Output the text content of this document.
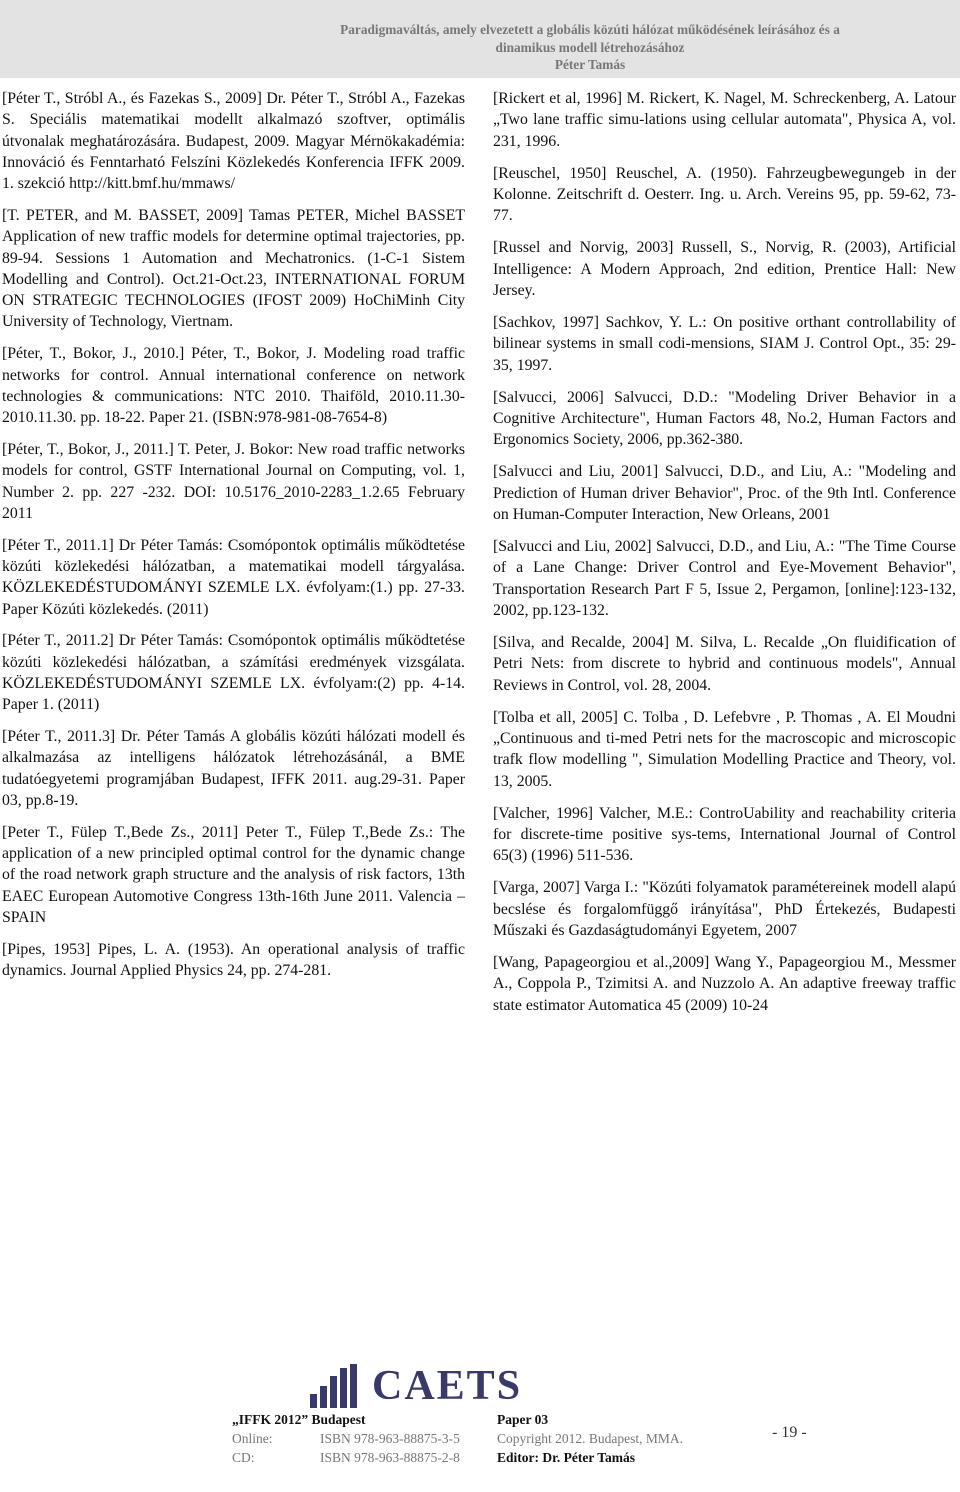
Paradigmaváltás, amely elvezetett a globális közúti hálózat működésének leírásához és a
dinamikus modell létrehozásához
Péter Tamás

[Péter T., Stróbl A., és Fazekas S., 2009] Dr. Péter T., Stróbl A., Fazekas S. Speciális matematikai modellt alkalmazó szoftver, optimális útvonalak meghatározására. Budapest, 2009. Magyar Mérnökakadémia: Innováció és Fenntarható Felszíni Közlekedés Konferencia IFFK 2009. 1. szekció http://kitt.bmf.hu/mmaws/

[T. PETER, and M. BASSET, 2009] Tamas PETER, Michel BASSET Application of new traffic models for determine optimal trajectories, pp. 89-94. Sessions 1 Automation and Mechatronics. (1-C-1 Sistem Modelling and Control). Oct.21-Oct.23, INTERNATIONAL FORUM ON STRATEGIC TECHNOLOGIES (IFOST 2009) HoChiMinh City University of Technology, Viertnam.

[Péter, T., Bokor, J., 2010.] Péter, T., Bokor, J. Modeling road traffic networks for control. Annual international conference on network technologies & communications: NTC 2010. Thaiföld, 2010.11.30-2010.11.30. pp. 18-22. Paper 21. (ISBN:978-981-08-7654-8)

[Péter, T., Bokor, J., 2011.] T. Peter, J. Bokor: New road traffic networks models for control, GSTF International Journal on Computing, vol. 1, Number 2. pp. 227 -232. DOI: 10.5176_2010-2283_1.2.65 February 2011

[Péter T., 2011.1] Dr Péter Tamás: Csomópontok optimális működtetése közúti közlekedési hálózatban, a matematikai modell tárgyalása. KÖZLEKEDÉSTUDOMÁNYI SZEMLE LX. évfolyam:(1.) pp. 27-33. Paper Közúti közlekedés. (2011)

[Péter T., 2011.2] Dr Péter Tamás: Csomópontok optimális működtetése közúti közlekedési hálózatban, a számítási eredmények vizsgálata. KÖZLEKEDÉSTUDOMÁNYI SZEMLE LX. évfolyam:(2) pp. 4-14. Paper 1. (2011)

[Péter T., 2011.3] Dr. Péter Tamás A globális közúti hálózati modell és alkalmazása az intelligens hálózatok létrehozásánál, a BME tudatóegyetemi programjában Budapest, IFFK 2011. aug.29-31. Paper 03, pp.8-19.

[Peter T., Fülep T.,Bede Zs., 2011] Peter T., Fülep T.,Bede Zs.: The application of a new principled optimal control for the dynamic change of the road network graph structure and the analysis of risk factors, 13th EAEC European Automotive Congress 13th-16th June 2011. Valencia – SPAIN

[Pipes, 1953] Pipes, L. A. (1953). An operational analysis of traffic dynamics. Journal Applied Physics 24, pp. 274-281.

[Rickert et al, 1996] M. Rickert, K. Nagel, M. Schreckenberg, A. Latour „Two lane traffic simu-lations using cellular automata", Physica A, vol. 231, 1996.

[Reuschel, 1950] Reuschel, A. (1950). Fahrzeugbewegungeb in der Kolonne. Zeitschrift d. Oesterr. Ing. u. Arch. Vereins 95, pp. 59-62, 73-77.

[Russel and Norvig, 2003] Russell, S., Norvig, R. (2003), Artificial Intelligence: A Modern Approach, 2nd edition, Prentice Hall: New Jersey.

[Sachkov, 1997] Sachkov, Y. L.: On positive orthant controllability of bilinear systems in small codi-mensions, SIAM J. Control Opt., 35: 29-35, 1997.

[Salvucci, 2006] Salvucci, D.D.: "Modeling Driver Behavior in a Cognitive Architecture", Human Factors 48, No.2, Human Factors and Ergonomics Society, 2006, pp.362-380.

[Salvucci and Liu, 2001] Salvucci, D.D., and Liu, A.: "Modeling and Prediction of Human driver Behavior", Proc. of the 9th Intl. Conference on Human-Computer Interaction, New Orleans, 2001

[Salvucci and Liu, 2002] Salvucci, D.D., and Liu, A.: "The Time Course of a Lane Change: Driver Control and Eye-Movement Behavior", Transportation Research Part F 5, Issue 2, Pergamon, [online]:123-132, 2002, pp.123-132.

[Silva, and Recalde, 2004] M. Silva, L. Recalde „On fluidification of Petri Nets: from discrete to hybrid and continuous models", Annual Reviews in Control, vol. 28, 2004.

[Tolba et all, 2005] C. Tolba , D. Lefebvre , P. Thomas , A. El Moudni „Continuous and ti-med Petri nets for the macroscopic and microscopic trafk flow modelling ", Simulation Modelling Practice and Theory, vol. 13, 2005.

[Valcher, 1996] Valcher, M.E.: ControUability and reachability criteria for discrete-time positive sys-tems, International Journal of Control 65(3) (1996) 511-536.

[Varga, 2007] Varga I.: "Közúti folyamatok paramétereinek modell alapú becslése és forgalomfüggő irányítása", PhD Értekezés, Budapesti Műszaki és Gazdaságtudományi Egyetem, 2007

[Wang, Papageorgiou et al.,2009] Wang Y., Papageorgiou M., Messmer A., Coppola P., Tzimitsi A. and Nuzzolo A. An adaptive freeway traffic state estimator Automatica 45 (2009) 10-24

CAETS
„IFFK 2012” Budapest
Online:	ISBN 978-963-88875-3-5
CD:	ISBN 978-963-88875-2-8
Paper 03
Copyright 2012. Budapest, MMA.
Editor: Dr. Péter Tamás
- 19 -
